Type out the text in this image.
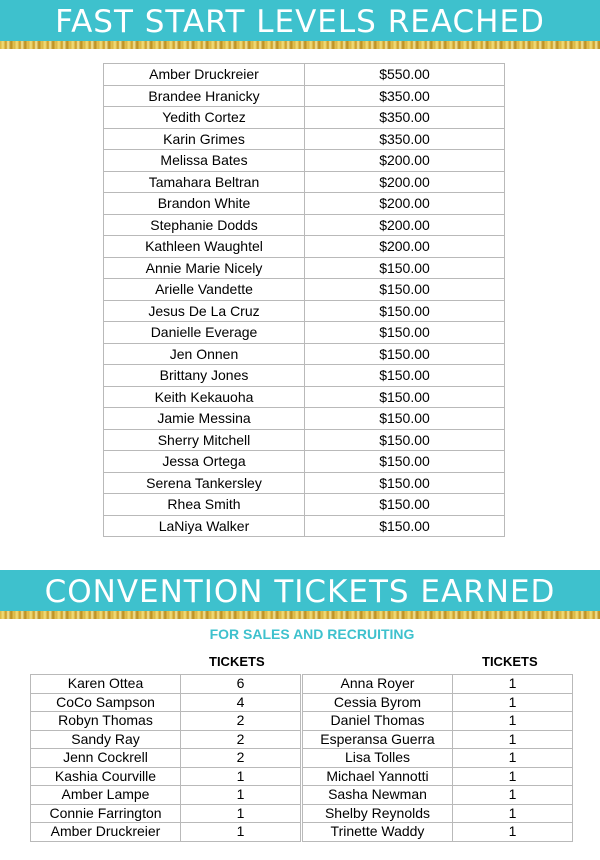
FAST START LEVELS REACHED
Amber Druckreier	$550.00
Brandee Hranicky	$350.00
Yedith Cortez	$350.00
Karin Grimes	$350.00
Melissa Bates	$200.00
Tamahara Beltran	$200.00
Brandon White	$200.00
Stephanie Dodds	$200.00
Kathleen Waughtel	$200.00
Annie Marie Nicely	$150.00
Arielle Vandette	$150.00
Jesus De La Cruz	$150.00
Danielle Everage	$150.00
Jen Onnen	$150.00
Brittany Jones	$150.00
Keith Kekauoha	$150.00
Jamie Messina	$150.00
Sherry Mitchell	$150.00
Jessa Ortega	$150.00
Serena Tankersley	$150.00
Rhea Smith	$150.00
LaNiya Walker	$150.00
CONVENTION TICKETS EARNED
FOR SALES AND RECRUITING
TICKETS	TICKETS
Karen Ottea	6
CoCo Sampson	4
Robyn Thomas	2
Sandy Ray	2
Jenn Cockrell	2
Kashia Courville	1
Amber Lampe	1
Connie Farrington	1
Amber Druckreier	1
Anna Royer	1
Cessia Byrom	1
Daniel Thomas	1
Esperansa Guerra	1
Lisa Tolles	1
Michael Yannotti	1
Sasha Newman	1
Shelby Reynolds	1
Trinette Waddy	1
